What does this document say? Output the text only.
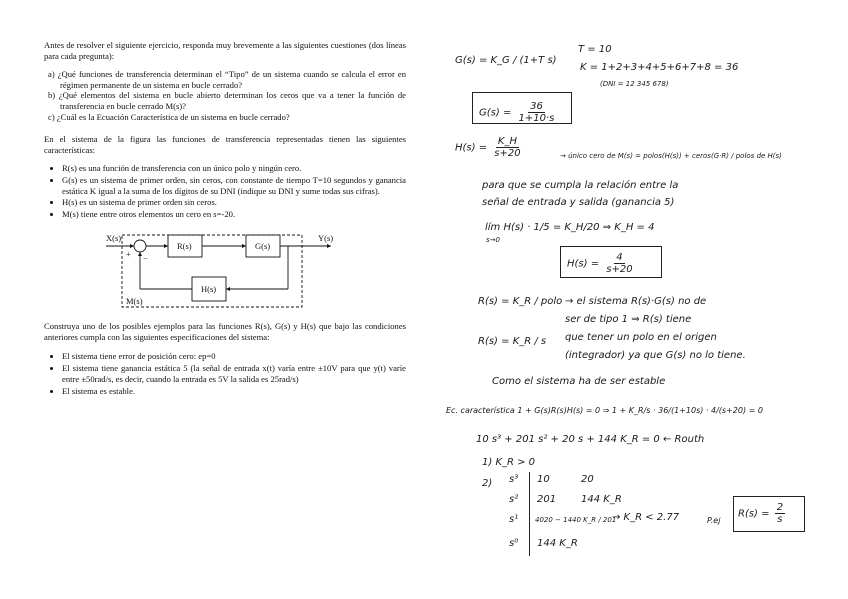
Antes de resolver el siguiente ejercicio, responda muy brevemente a las siguientes cuestiones (dos líneas para cada pregunta):

a) ¿Qué funciones de transferencia determinan el “Tipo” de un sistema cuando se calcula el error en régimen permanente de un sistema en bucle cerrado?

b) ¿Qué elementos del sistema en bucle abierto determinan los ceros que va a tener la función de transferencia en bucle cerrado M(s)?

c) ¿Cuál es la Ecuación Característica de un sistema en bucle cerrado?

En el sistema de la figura las funciones de transferencia representadas tienen las siguientes características:

• R(s) es una función de transferencia con un único polo y ningún cero.
• G(s) es un sistema de primer orden, sin ceros, con constante de tiempo T=10 segundos y ganancia estática K igual a la suma de los dígitos de su DNI (indique su DNI y sume todas sus cifras).
• H(s) es un sistema de primer orden sin ceros.
• M(s) tiene entre otros elementos un cero en s=-20.
X(s)	Y(s)
R(s)	G(s)
H(s)
M(s)
+ −

Construya uno de los posibles ejemplos para las funciones R(s), G(s) y H(s) que bajo las condiciones anteriores cumpla con las siguientes especificaciones del sistema:

• El sistema tiene error de posición cero: ep=0
• El sistema tiene ganancia estática 5 (la señal de entrada x(t) varía entre ±10V para que y(t) varíe entre ±50rad/s, es decir, cuando la entrada es 5V la salida es 25rad/s)
• El sistema es estable.
G(s) = K_G / (1+T s)
T = 10
K = 1+2+3+4+5+6+7+8 = 36
(DNI = 12 345 678)
$G(s) = \frac{36}{1+10\cdot s}$
$H(s) = \frac{K\_H}{s+20}$	→ único cero de M(s) = polos(H(s)) + ceros(G·R) / polos de H(s)
para que se cumpla la relación entre la
señal de entrada y salida (ganancia 5)
lím H(s) · 1/5 = K_H/20 ⇒ K_H = 4
s→0
$H(s) = \frac{4}{s+20}$
R(s) = K_R / polo → el sistema R(s)·G(s) no de
ser de tipo 1 ⇒ R(s) tiene
que tener un polo en el origen
(integrador) ya que G(s) no lo tiene.
R(s) = K_R / s
Como el sistema ha de ser estable
Ec. característica 1 + G(s)R(s)H(s) = 0 ⇒ 1 + K_R/s · 36/(1+10s) · 4/(s+20) = 0
10 s³ + 201 s² + 20 s + 144 K_R = 0 ← Routh
1) K_R > 0
2) s³ 10	20
s² 201 144 K_R
s¹ 4020 − 1440 K_R / 201
s⁰ 144 K_R
→ K_R < 2.77	P.ej
$R(s) = \frac{2}{s}$
